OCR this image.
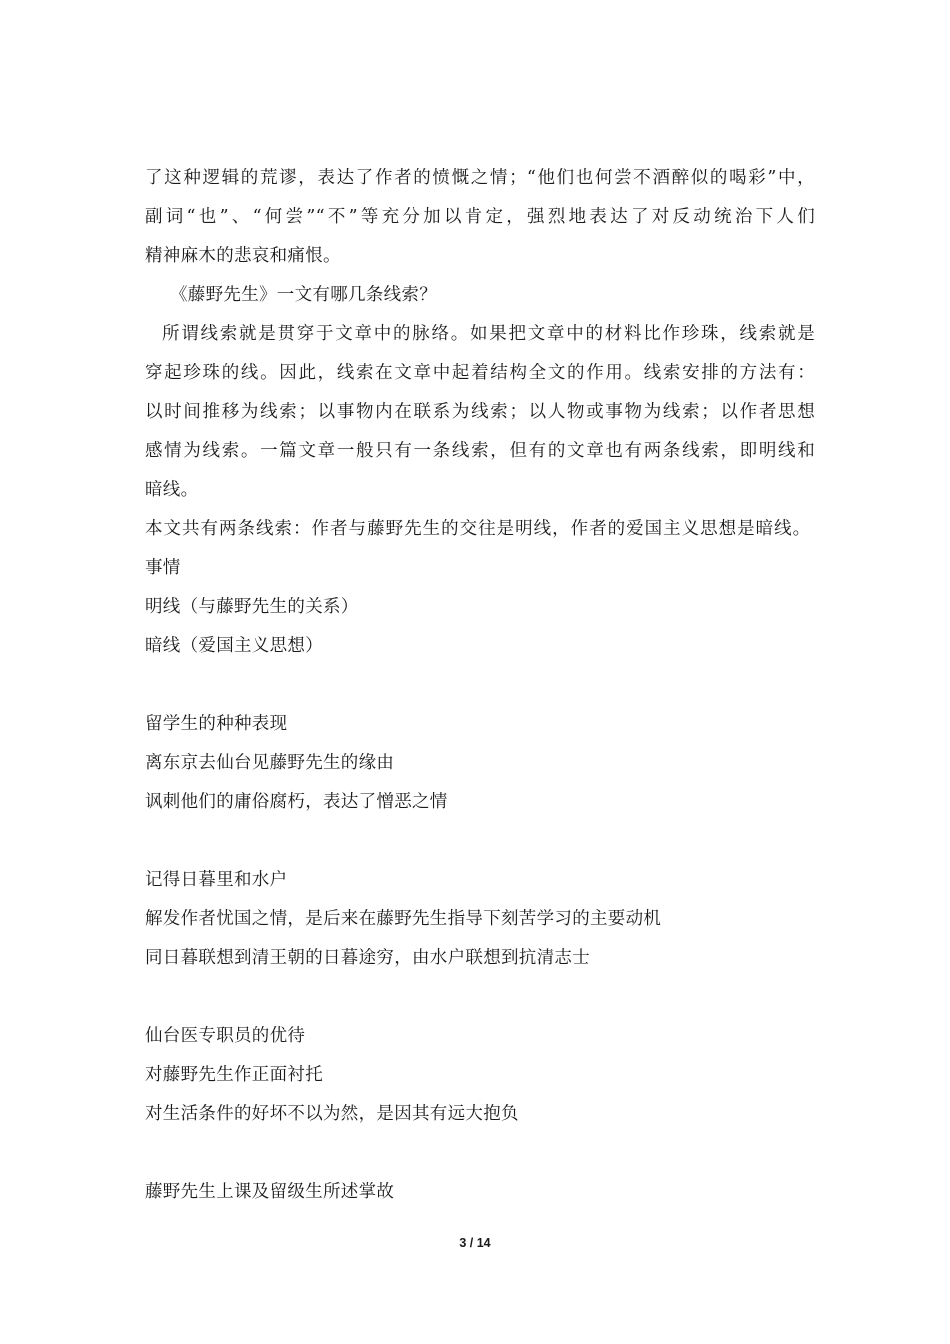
了这种逻辑的荒谬，表达了作者的愤慨之情；“他们也何尝不酒醉似的喝彩”中，
副词“也”、“何尝”“不”等充分加以肯定，强烈地表达了对反动统治下人们
精神麻木的悲哀和痛恨。
《藤野先生》一文有哪几条线索？
所谓线索就是贯穿于文章中的脉络。如果把文章中的材料比作珍珠，线索就是
穿起珍珠的线。因此，线索在文章中起着结构全文的作用。线索安排的方法有：
以时间推移为线索；以事物内在联系为线索；以人物或事物为线索；以作者思想
感情为线索。一篇文章一般只有一条线索，但有的文章也有两条线索，即明线和
暗线。
本文共有两条线索：作者与藤野先生的交往是明线，作者的爱国主义思想是暗线。
事情
明线（与藤野先生的关系）
暗线（爱国主义思想）
留学生的种种表现
离东京去仙台见藤野先生的缘由
讽刺他们的庸俗腐朽，表达了憎恶之情
记得日暮里和水户
解发作者忧国之情，是后来在藤野先生指导下刻苦学习的主要动机
同日暮联想到清王朝的日暮途穷，由水户联想到抗清志士
仙台医专职员的优待
对藤野先生作正面衬托
对生活条件的好坏不以为然，是因其有远大抱负
藤野先生上课及留级生所述掌故
3 / 14
